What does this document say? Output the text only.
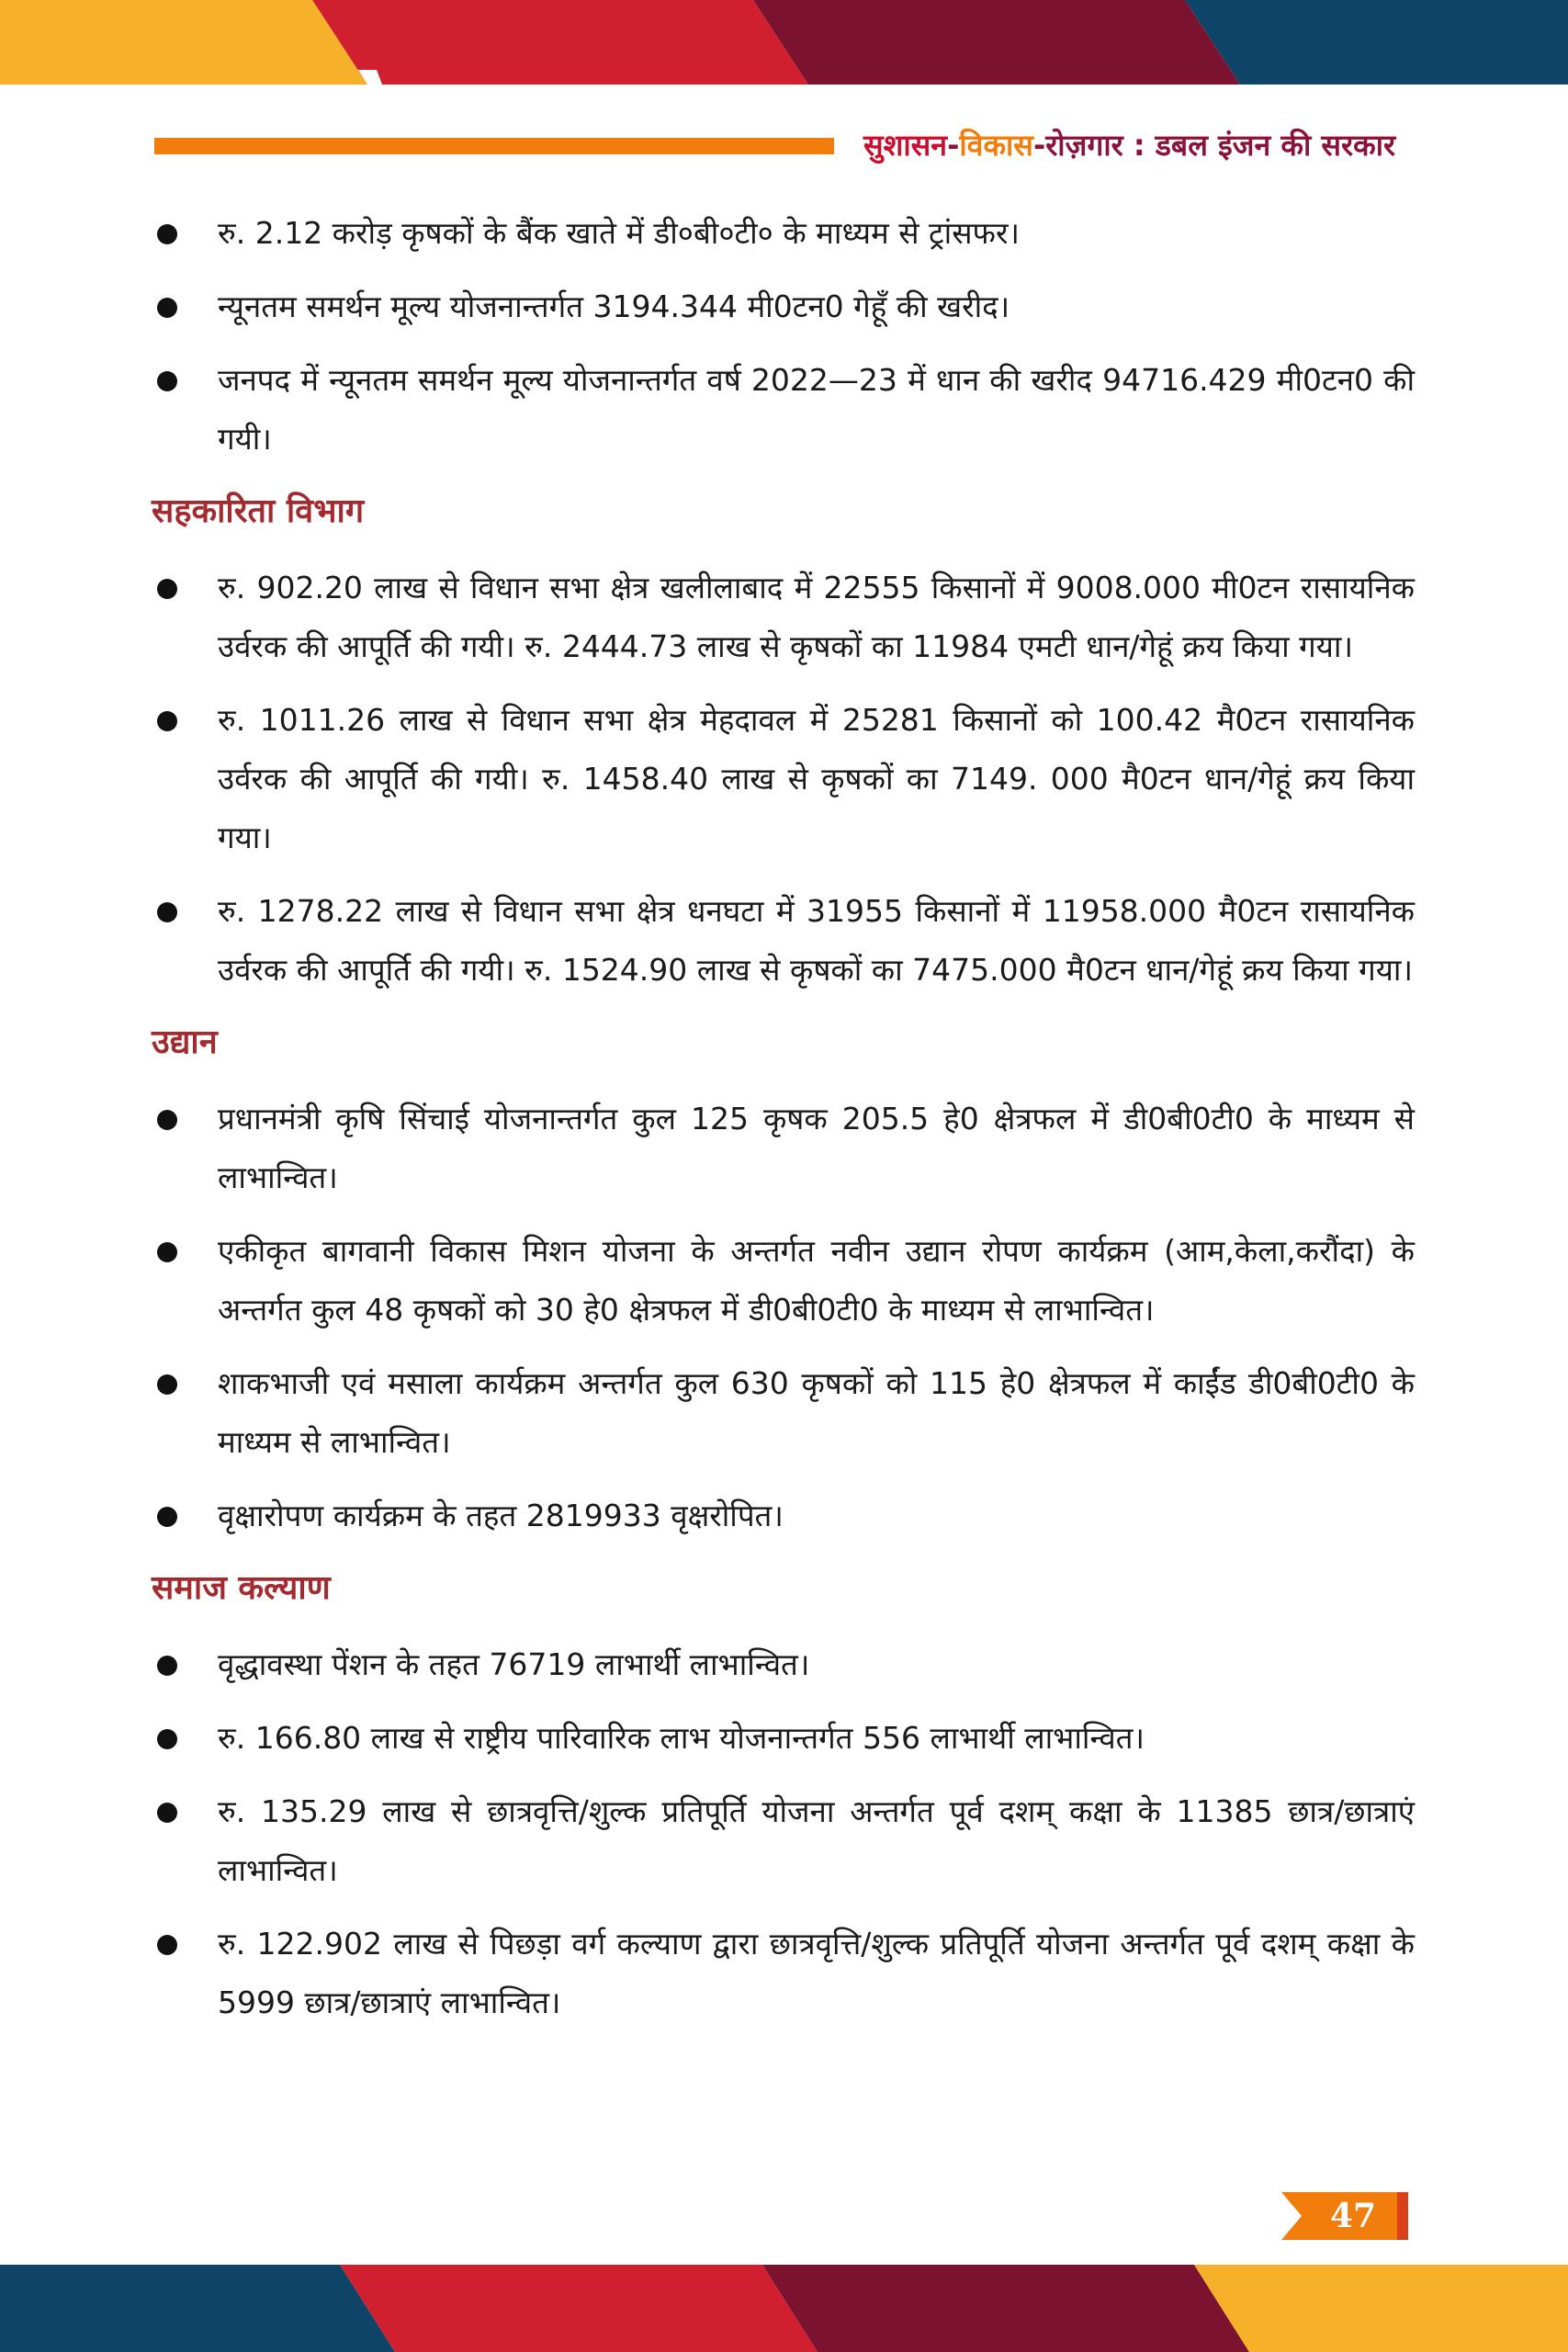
सुशासन-विकास-रोज़गार : डबल इंजन की सरकार
रु. 2.12 करोड़ कृषकों के बैंक खाते में डी०बी०टी० के माध्यम से ट्रांसफर।
न्यूनतम समर्थन मूल्य योजनान्तर्गत 3194.344 मी0टन0 गेहूँ की खरीद।
जनपद में न्यूनतम समर्थन मूल्य योजनान्तर्गत वर्ष 2022—23 में धान की खरीद 94716.429 मी0टन0 की गयी।
सहकारिता विभाग
रु. 902.20 लाख से विधान सभा क्षेत्र खलीलाबाद में 22555 किसानों में 9008.000 मी0टन रासायनिक उर्वरक की आपूर्ति की गयी। रु. 2444.73 लाख से कृषकों का 11984 एमटी धान/गेहूं क्रय किया गया।
रु. 1011.26 लाख से विधान सभा क्षेत्र मेहदावल में 25281 किसानों को 100.42 मै0टन रासायनिक उर्वरक की आपूर्ति की गयी। रु. 1458.40 लाख से कृषकों का 7149. 000 मै0टन धान/गेहूं क्रय किया गया।
रु. 1278.22 लाख से विधान सभा क्षेत्र धनघटा में 31955 किसानों में 11958.000 मै0टन रासायनिक उर्वरक की आपूर्ति की गयी। रु. 1524.90 लाख से कृषकों का 7475.000 मै0टन धान/गेहूं क्रय किया गया।
उद्यान
प्रधानमंत्री कृषि सिंचाई योजनान्तर्गत कुल 125 कृषक 205.5 हे0 क्षेत्रफल में डी0बी0टी0 के माध्यम से लाभान्वित।
एकीकृत बागवानी विकास मिशन योजना के अन्तर्गत नवीन उद्यान रोपण कार्यक्रम (आम,केला,करौंदा) के अन्तर्गत कुल 48 कृषकों को 30 हे0 क्षेत्रफल में डी0बी0टी0 के माध्यम से लाभान्वित।
शाकभाजी एवं मसाला कार्यक्रम अन्तर्गत कुल 630 कृषकों को 115 हे0 क्षेत्रफल में काईंड डी0बी0टी0 के माध्यम से लाभान्वित।
वृक्षारोपण कार्यक्रम के तहत 2819933 वृक्षरोपित।
समाज कल्याण
वृद्धावस्था पेंशन के तहत 76719 लाभार्थी लाभान्वित।
रु. 166.80 लाख से राष्ट्रीय पारिवारिक लाभ योजनान्तर्गत 556 लाभार्थी लाभान्वित।
रु. 135.29 लाख से छात्रवृत्ति/शुल्क प्रतिपूर्ति योजना अन्तर्गत पूर्व दशम् कक्षा के 11385 छात्र/छात्राएं लाभान्वित।
रु. 122.902 लाख से पिछड़ा वर्ग कल्याण द्वारा छात्रवृत्ति/शुल्क प्रतिपूर्ति योजना अन्तर्गत पूर्व दशम् कक्षा के 5999 छात्र/छात्राएं लाभान्वित।
47
